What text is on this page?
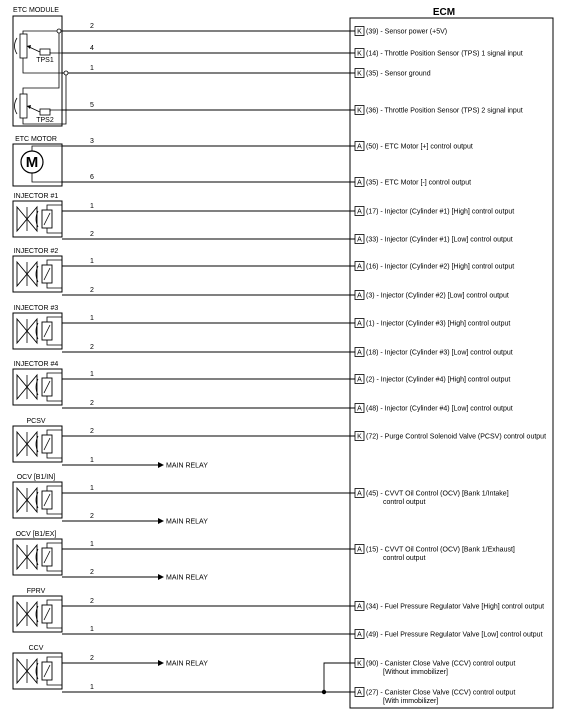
ECM
2
K (39) - Sensor power (+5V)
4
K (14) - Throttle Position Sensor (TPS) 1 signal input
1
K (35) - Sensor ground
5
K (36) - Throttle Position Sensor (TPS) 2 signal input
3
A (50) - ETC Motor [+] control output
6
A (35) - ETC Motor [-] control output
1
A (17) - Injector (Cylinder #1) [High] control output
2
A (33) - Injector (Cylinder #1) [Low] control output
1
A (16) - Injector (Cylinder #2) [High] control output
2
A (3) - Injector (Cylinder #2) [Low] control output
1
A (1) - Injector (Cylinder #3) [High] control output
2
A (18) - Injector (Cylinder #3) [Low] control output
1
A (2) - Injector (Cylinder #4) [High] control output
2
A (48) - Injector (Cylinder #4) [Low] control output
2
K (72) - Purge Control Solenoid Valve (PCSV) control output
1
A (45) - CVVT Oil Control (OCV) [Bank 1/Intake]
control output
1
A (15) - CVVT Oil Control (OCV) [Bank 1/Exhaust]
control output
2
A (34) - Fuel Pressure Regulator Valve [High] control output
1
A (49) - Fuel Pressure Regulator Valve [Low] control output
1
A (27) - Canister Close Valve (CCV) control output
[With immobilizer]
K (90) - Canister Close Valve (CCV) control output
[Without immobilizer]
1
MAIN RELAY
2
MAIN RELAY
2
MAIN RELAY
2
MAIN RELAY
ETC MODULE
TPS1
TPS2
ETC MOTOR
M
INJECTOR #1
INJECTOR #2
INJECTOR #3
INJECTOR #4
PCSV
OCV [B1/IN]
OCV [B1/EX]
FPRV
CCV
